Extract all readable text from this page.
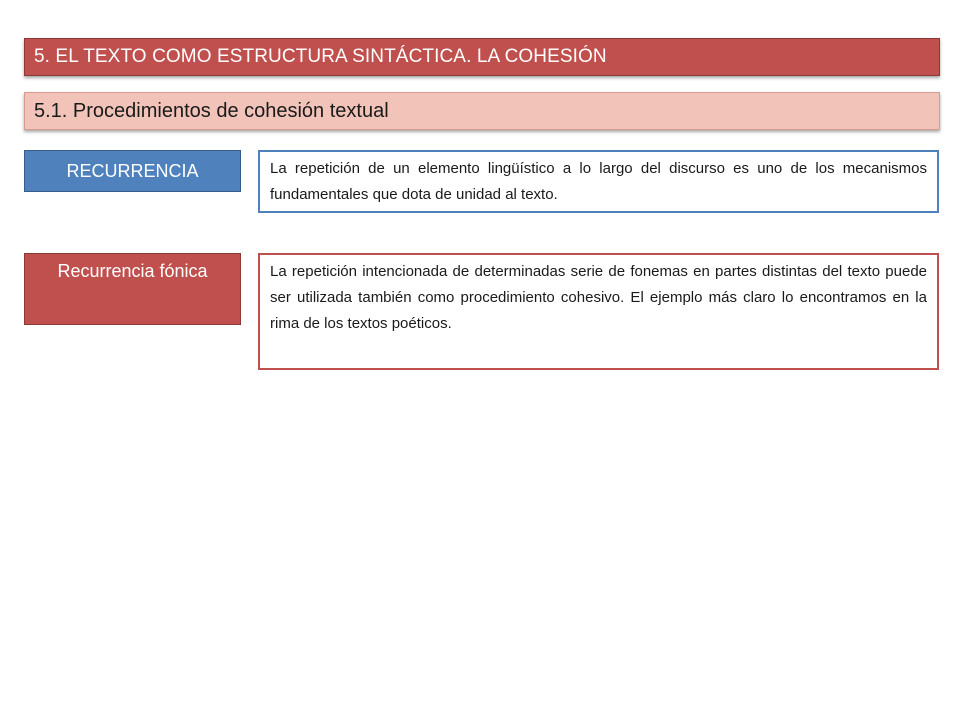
5. EL TEXTO COMO ESTRUCTURA SINTÁCTICA. LA COHESIÓN
5.1. Procedimientos de cohesión textual
RECURRENCIA	La repetición de un elemento lingüístico a lo largo del discurso es uno de los mecanismos fundamentales que dota de unidad al texto.
Recurrencia fónica	La repetición intencionada de determinadas serie de fonemas en partes distintas del texto puede ser utilizada también como procedimiento cohesivo. El ejemplo más claro lo encontramos en la rima de los textos poéticos.
